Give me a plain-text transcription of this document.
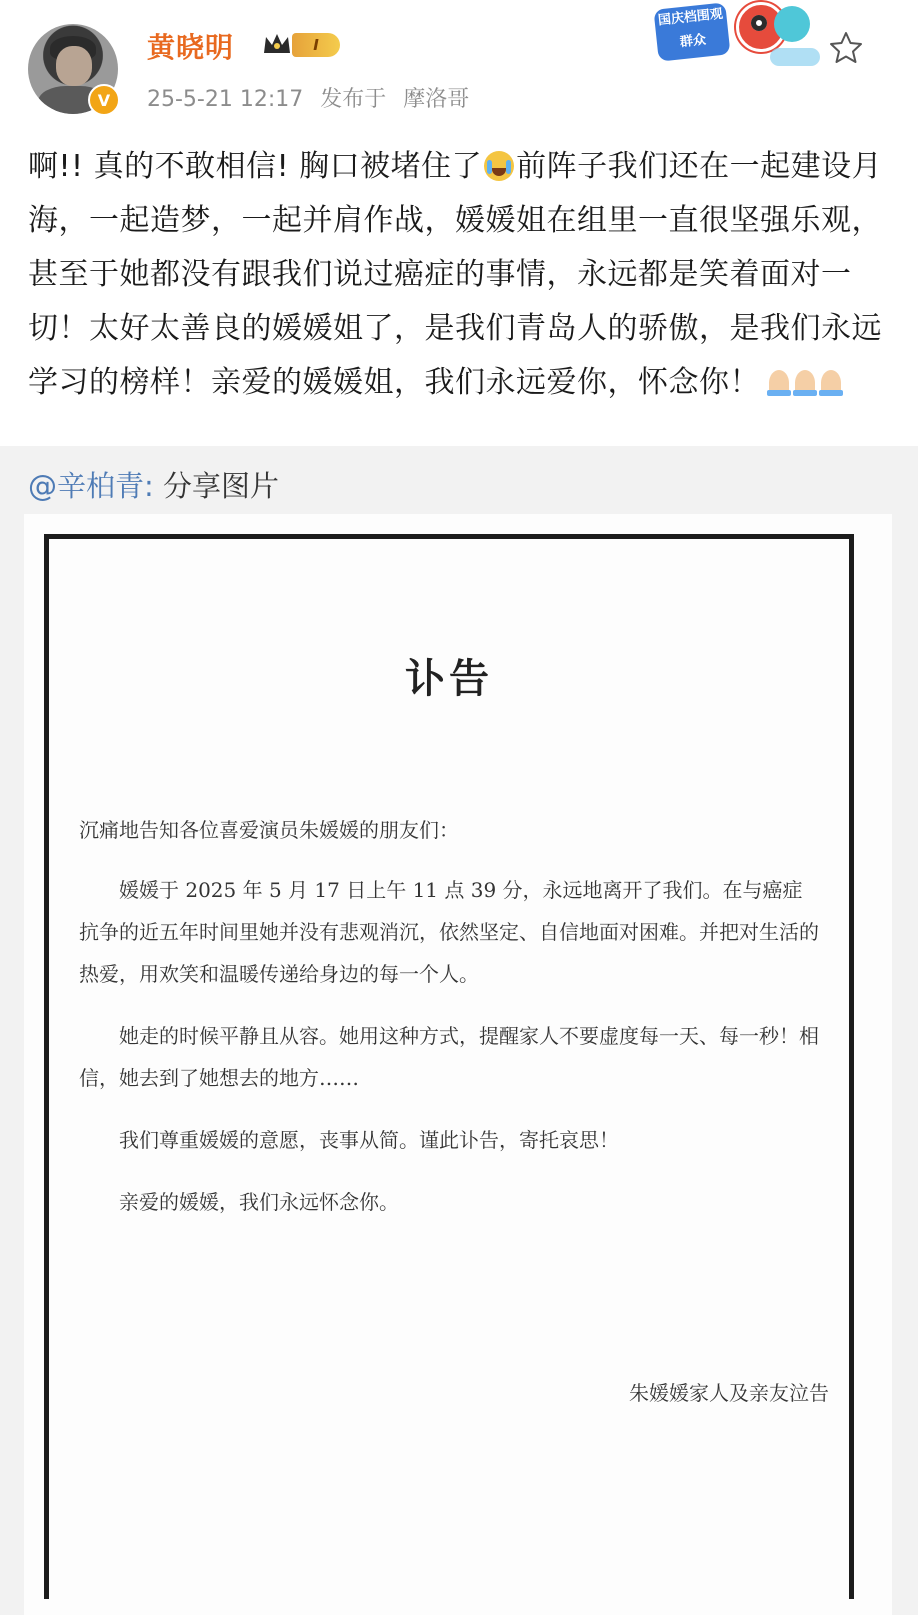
V
黄晓明	I
25-5-21 12:17 发布于 摩洛哥
国庆档围观群众
啊!! 真的不敢相信! 胸口被堵住了 前阵子我们还在一起建设月海，一起造梦，一起并肩作战，媛媛姐在组里一直很坚强乐观，甚至于她都没有跟我们说过癌症的事情，永远都是笑着面对一切！太好太善良的媛媛姐了，是我们青岛人的骄傲，是我们永远学习的榜样！亲爱的媛媛姐，我们永远爱你，怀念你！
@辛柏青: 分享图片
讣告

沉痛地告知各位喜爱演员朱媛媛的朋友们：

媛媛于 2025 年 5 月 17 日上午 11 点 39 分，永远地离开了我们。在与癌症抗争的近五年时间里她并没有悲观消沉，依然坚定、自信地面对困难。并把对生活的热爱，用欢笑和温暖传递给身边的每一个人。

她走的时候平静且从容。她用这种方式，提醒家人不要虚度每一天、每一秒！相信，她去到了她想去的地方……

我们尊重媛媛的意愿，丧事从简。谨此讣告，寄托哀思！

亲爱的媛媛，我们永远怀念你。

朱媛媛家人及亲友泣告
